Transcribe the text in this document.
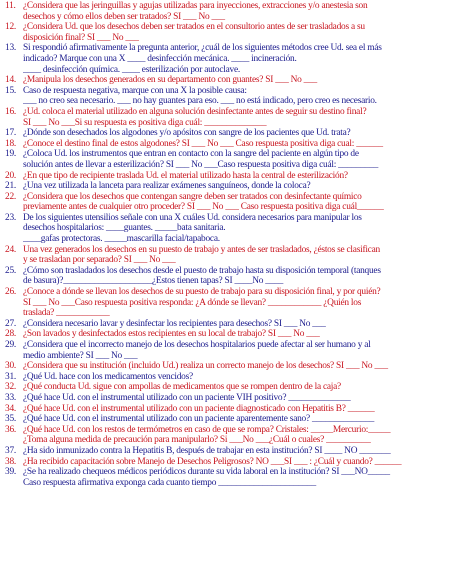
11. ¿Considera que las jeringuillas y agujas utilizadas para inyecciones, extracciones y/o anestesia son
desechos y cómo ellos deben ser tratados? SI ___ No ___
12. ¿Considera Ud. que los desechos deben ser tratados en el consultorio antes de ser trasladados a su
disposición final? SI ___ No ___
13. Si respondió afirmativamente la pregunta anterior, ¿cuál de los siguientes métodos cree Ud. sea el más
indicado? Marque con una X ____ desinfección mecánica. ____ incineración.
____ desinfección química. ____ esterilización por autoclave.
14. ¿Manipula los desechos generados en su departamento con guantes? SI ___ No ___
15. Caso de respuesta negativa, marque con una X la posible causa:
___ no creo sea necesario. ___ no hay guantes para eso. ___ no está indicado, pero creo es necesario.
16. ¿Ud. coloca el material utilizado en alguna solución desinfectante antes de seguir su destino final?
SI ___ No ___Si su respuesta es positiva diga cuál: ______________
17. ¿Dónde son desechados los algodones y/o apósitos con sangre de los pacientes que Ud. trata?
18. ¿Conoce el destino final de estos algodones? SI ___ No ___ Caso respuesta positiva diga cual: ______
19. ¿Coloca Ud. los instrumentos que entran en contacto con la sangre del paciente en algún tipo de
solución antes de llevar a esterilización? SI ___ No ___Caso respuesta positiva diga cuál: _________
20. ¿En que tipo de recipiente traslada Ud. el material utilizado hasta la central de esterilización?
21. ¿Una vez utilizada la lanceta para realizar exámenes sanguíneos, donde la coloca?
22. ¿Considera que los desechos que contengan sangre deben ser tratados con desinfectante químico
previamente antes de cualquier otro proceder? SI ___ No ___ Caso respuesta positiva diga cuál______
23. De los siguientes utensilios señale con una X cuáles Ud. considera necesarios para manipular los
desechos hospitalarios: ____guantes. _____bata sanitaria.
____gafas protectoras. _____mascarilla facial/tapaboca.
24. Una vez generados los desechos en su puesto de trabajo y antes de ser trasladados, ¿éstos se clasifican
y se trasladan por separado? SI ___ No ___
25. ¿Cómo son trasladados los desechos desde el puesto de trabajo hasta su disposición temporal (tanques
de basura)?____________________¿Estos tienen tapas? SI ____No ____
26. ¿Conoce a dónde se llevan los desechos de su puesto de trabajo para su disposición final, y por quién?
SI ___ No ___Caso respuesta positiva responda: ¿A dónde se llevan? ____________ ¿Quién los
traslada? ____________
27. ¿Considera necesario lavar y desinfectar los recipientes para desechos? SI ___ No ___
28. ¿Son lavados y desinfectados estos recipientes en su local de trabajo? SI ___ No ___
29. ¿Considera que el incorrecto manejo de los desechos hospitalarios puede afectar al ser humano y al
medio ambiente? SI ___ No ___
30. ¿Considera que su institución (incluido Ud.) realiza un correcto manejo de los desechos? SI ___ No ___
31. ¿Qué Ud. hace con los medicamentos vencidos?
32. ¿Qué conducta Ud. sigue con ampollas de medicamentos que se rompen dentro de la caja?
33. ¿Qué hace Ud. con el instrumental utilizado con un paciente VIH positivo? ______________
34. ¿Qué hace Ud. con el instrumental utilizado con un paciente diagnosticado con Hepatitis B? ______
35. ¿Qué hace Ud. con el instrumental utilizado con un paciente aparentemente sano? ______________
36. ¿Qué hace Ud. con los restos de termómetros en caso de que se rompa? Cristales: _____Mercurio:_____
¿Toma alguna medida de precaución para manipularlo? Si ___No ___¿Cuál o cuales? __________
37. ¿Ha sido inmunizado contra la Hepatitis B, después de trabajar en esta institución? SI ____ NO _______
38. ¿Ha recibido capacitación sobre Manejo de Desechos Peligrosos? NO ___SI ___ : ¿Cuál y cuando? ______
39. ¿Se ha realizado chequeos médicos periódicos durante su vida laboral en la institución? SI ___NO_____
Caso respuesta afirmativa exponga cada cuanto tiempo ______________________
